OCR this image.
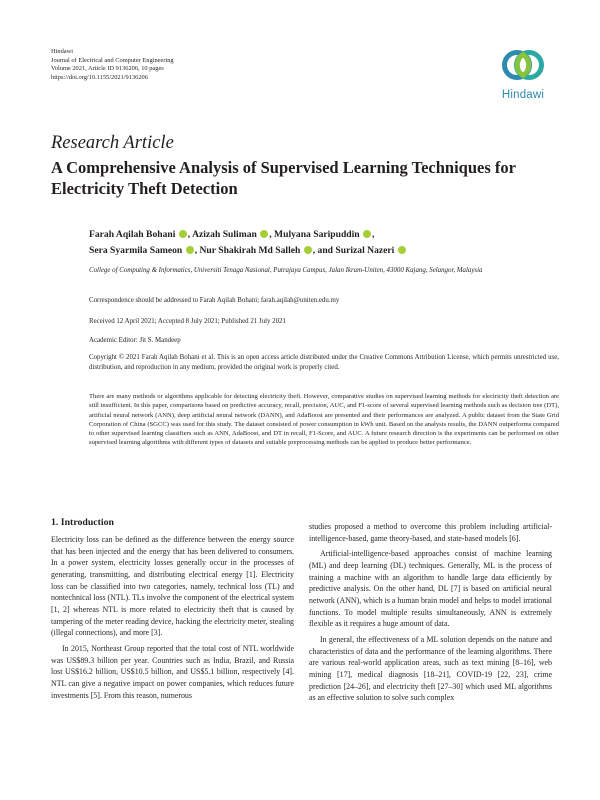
Hindawi
Journal of Electrical and Computer Engineering
Volume 2021, Article ID 9136206, 10 pages
https://doi.org/10.1155/2021/9136206
Hindawi
Research Article
A Comprehensive Analysis of Supervised Learning Techniques for Electricity Theft Detection
Farah Aqilah Bohani , Azizah Suliman , Mulyana Saripuddin ,
Sera Syarmila Sameon , Nur Shakirah Md Salleh , and Surizal Nazeri
College of Computing & Informatics, Universiti Tenaga Nasional, Putrajaya Campus, Jalan Ikram-Uniten, 43000 Kajang, Selangor, Malaysia
Correspondence should be addressed to Farah Aqilah Bohani; farah.aqilah@uniten.edu.my
Received 12 April 2021; Accepted 8 July 2021; Published 21 July 2021
Academic Editor: Jit S. Mandeep
Copyright © 2021 Farah Aqilah Bohani et al. This is an open access article distributed under the Creative Commons Attribution License, which permits unrestricted use, distribution, and reproduction in any medium, provided the original work is properly cited.
There are many methods or algorithms applicable for detecting electricity theft. However, comparative studies on supervised learning methods for electricity theft detection are still insufficient. In this paper, comparisons based on predictive accuracy, recall, precision, AUC, and F1-score of several supervised learning methods such as decision tree (DT), artificial neural network (ANN), deep artificial neural network (DANN), and AdaBoost are presented and their performances are analyzed. A public dataset from the State Grid Corporation of China (SGCC) was used for this study. The dataset consisted of power consumption in kWh unit. Based on the analysis results, the DANN outperforms compared to other supervised learning classifiers such as ANN, AdaBoost, and DT in recall, F1-Score, and AUC. A future research direction is the experiments can be performed on other supervised learning algorithms with different types of datasets and suitable preprocessing methods can be applied to produce better performance.
1. Introduction

Electricity loss can be defined as the difference between the energy source that has been injected and the energy that has been delivered to consumers. In a power system, electricity losses generally occur in the processes of generating, transmitting, and distributing electrical energy [1]. Electricity loss can be classified into two categories, namely, technical loss (TL) and nontechnical loss (NTL). TLs involve the component of the electrical system [1, 2] whereas NTL is more related to electricity theft that is caused by tampering of the meter reading device, hacking the electricity meter, stealing (illegal connections), and more [3].

In 2015, Northeast Group reported that the total cost of NTL worldwide was US$89.3 billion per year. Countries such as India, Brazil, and Russia lost US$16.2 billion, US$10.5 billion, and US$5.1 billion, respectively [4]. NTL can give a negative impact on power companies, which reduces future investments [5]. From this reason, numerous

studies proposed a method to overcome this problem including artificial-intelligence-based, game theory-based, and state-based models [6].

Artificial-intelligence-based approaches consist of machine learning (ML) and deep learning (DL) techniques. Generally, ML is the process of training a machine with an algorithm to handle large data efficiently by predictive analysis. On the other hand, DL [7] is based on artificial neural network (ANN), which is a human brain model and helps to model irrational functions. To model multiple results simultaneously, ANN is extremely flexible as it requires a huge amount of data.

In general, the effectiveness of a ML solution depends on the nature and characteristics of data and the performance of the learning algorithms. There are various real-world application areas, such as text mining [8–16], web mining [17], medical diagnosis [18–21], COVID-19 [22, 23], crime prediction [24–26], and electricity theft [27–30] which used ML algorithms as an effective solution to solve such complex
